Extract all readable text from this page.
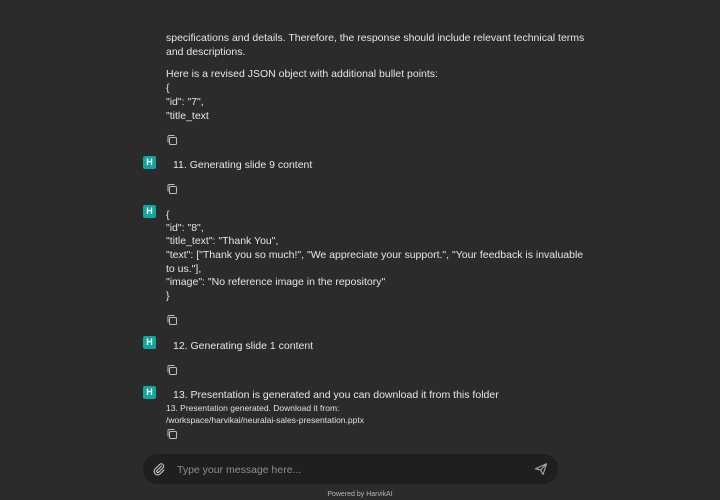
specifications and details. Therefore, the response should include relevant technical terms
and descriptions.
Here is a revised JSON object with additional bullet points:
{
"id": "7",
"title_text
H	11. Generating slide 9 content
H	{
"id": "8",
"title_text": "Thank You",
"text": ["Thank you so much!", "We appreciate your support.", "Your feedback is invaluable
to us."],
"image": "No reference image in the repository"
}
H	12. Generating slide 1 content
H	13. Presentation is generated and you can download it from this folder
13. Presentation generated. Download it from:
/workspace/harvikai/neuralai-sales-presentation.pptx
Type your message here...
Powered by HarvikAI
